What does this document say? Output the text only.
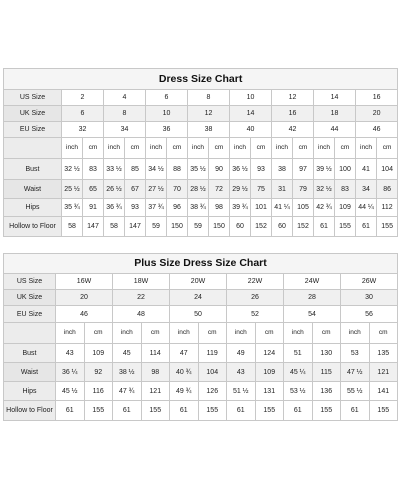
Dress Size Chart																
US Size	2		4		6		8		10		12		14		16	
UK Size	6		8		10		12		14		16		18		20	
EU Size	32		34		36		38		40		42		44		46	
	inch	cm	inch	cm	inch	cm	inch	cm	inch	cm	inch	cm	inch	cm	inch	cm
Bust	32 ½	83	33 ½	85	34 ½	88	35 ½	90	36 ½	93	38	97	39 ½	100	41	104
Waist	25 ½	65	26 ½	67	27 ½	70	28 ½	72	29 ½	75	31	79	32 ½	83	34	86
Hips	35 ¾	91	36 ¾	93	37 ¾	96	38 ¾	98	39 ¾	101	41 ¼	105	42 ¾	109	44 ¼	112
Hollow to Floor	58	147	58	147	59	150	59	150	60	152	60	152	61	155	61	155
Plus Size Dress Size Chart												
US Size	16W		18W		20W		22W		24W		26W	
UK Size	20		22		24		26		28		30	
EU Size	46		48		50		52		54		56	
	inch	cm	inch	cm	inch	cm	inch	cm	inch	cm	inch	cm
Bust	43	109	45	114	47	119	49	124	51	130	53	135
Waist	36 ¼	92	38 ½	98	40 ¾	104	43	109	45 ¼	115	47 ½	121
Hips	45 ½	116	47 ¾	121	49 ¾	126	51 ½	131	53 ½	136	55 ½	141
Hollow to Floor	61	155	61	155	61	155	61	155	61	155	61	155
